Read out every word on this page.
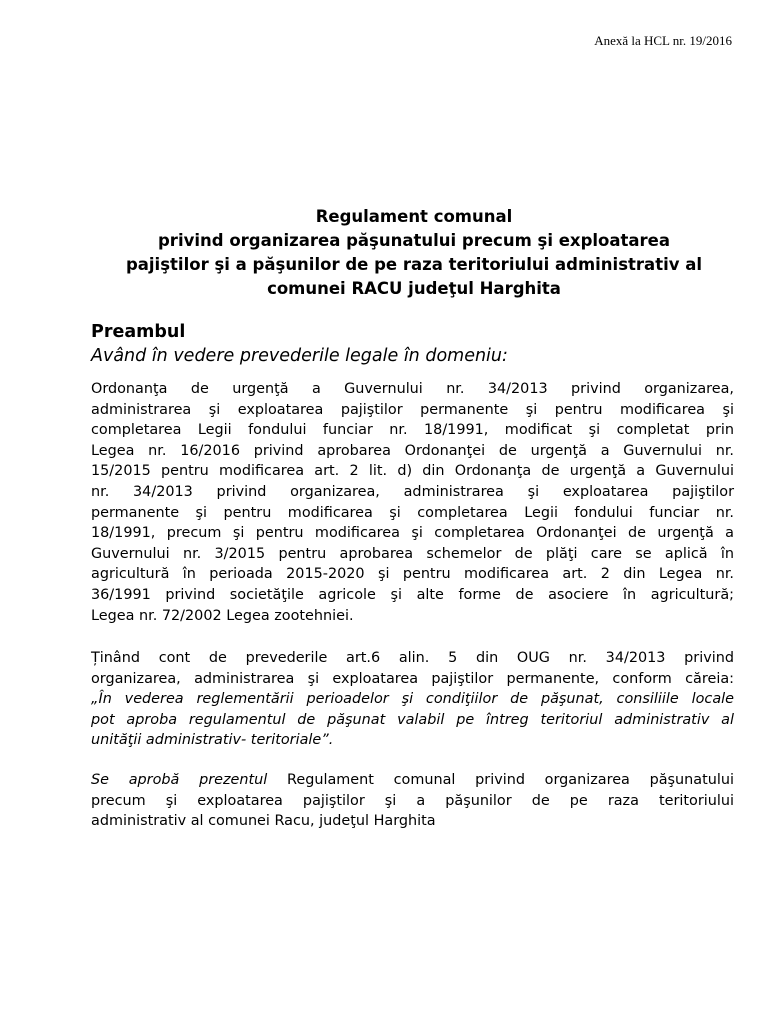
Anexă la HCL nr. 19/2016
Regulament comunal
privind organizarea păşunatului precum şi exploatarea
pajiştilor şi a păşunilor de pe raza teritoriului administrativ al
comunei RACU judeţul Harghita
Preambul
Având în vedere prevederile legale în domeniu:
Ordonanţa de urgenţă a Guvernului nr. 34/2013 privind organizarea,
administrarea şi exploatarea pajiştilor permanente şi pentru modificarea şi
completarea Legii fondului funciar nr. 18/1991, modificat şi completat prin
Legea nr. 16/2016 privind aprobarea Ordonanţei de urgenţă a Guvernului nr.
15/2015 pentru modificarea art. 2 lit. d) din Ordonanţa de urgenţă a Guvernului
nr. 34/2013 privind organizarea, administrarea şi exploatarea pajiştilor
permanente şi pentru modificarea şi completarea Legii fondului funciar nr.
18/1991, precum şi pentru modificarea şi completarea Ordonanţei de urgenţă a
Guvernului nr. 3/2015 pentru aprobarea schemelor de plăţi care se aplică în
agricultură în perioada 2015-2020 şi pentru modificarea art. 2 din Legea nr.
36/1991 privind societăţile agricole şi alte forme de asociere în agricultură;
Legea nr. 72/2002 Legea zootehniei.
Ținând cont de prevederile art.6 alin. 5 din OUG nr. 34/2013 privind
organizarea, administrarea şi exploatarea pajiştilor permanente, conform căreia:
„În vederea reglementării perioadelor şi condiţiilor de păşunat, consiliile locale
pot aproba regulamentul de păşunat valabil pe întreg teritoriul administrativ al
unităţii administrativ- teritoriale”.
Se aprobă prezentul Regulament comunal privind organizarea păşunatului
precum şi exploatarea pajiştilor şi a păşunilor de pe raza teritoriului
administrativ al comunei Racu, judeţul Harghita
